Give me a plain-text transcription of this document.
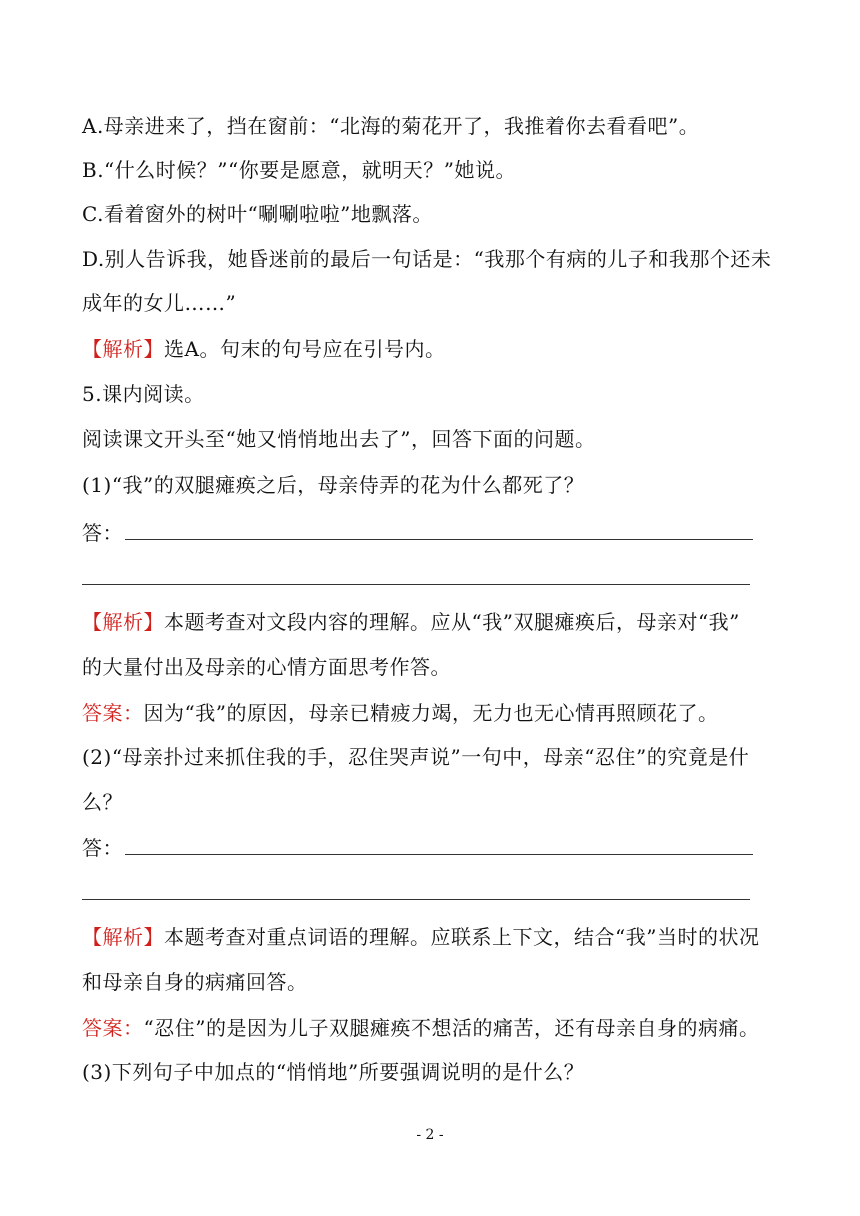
A.母亲进来了，挡在窗前：“北海的菊花开了，我推着你去看看吧”。
B.“什么时候？”“你要是愿意，就明天？”她说。
C.看着窗外的树叶“唰唰啦啦”地飘落。
D.别人告诉我，她昏迷前的最后一句话是：“我那个有病的儿子和我那个还未
成年的女儿……”
【解析】选A。句末的句号应在引号内。
5.课内阅读。
阅读课文开头至“她又悄悄地出去了”，回答下面的问题。
(1)“我”的双腿瘫痪之后，母亲侍弄的花为什么都死了？
答：
【解析】本题考查对文段内容的理解。应从“我”双腿瘫痪后，母亲对“我”
的大量付出及母亲的心情方面思考作答。
答案：因为“我”的原因，母亲已精疲力竭，无力也无心情再照顾花了。
(2)“母亲扑过来抓住我的手，忍住哭声说”一句中，母亲“忍住”的究竟是什
么？
答：
【解析】本题考查对重点词语的理解。应联系上下文，结合“我”当时的状况
和母亲自身的病痛回答。
答案：“忍住”的是因为儿子双腿瘫痪不想活的痛苦，还有母亲自身的病痛。
(3)下列句子中加点的“悄悄地”所要强调说明的是什么？
- 2 -
